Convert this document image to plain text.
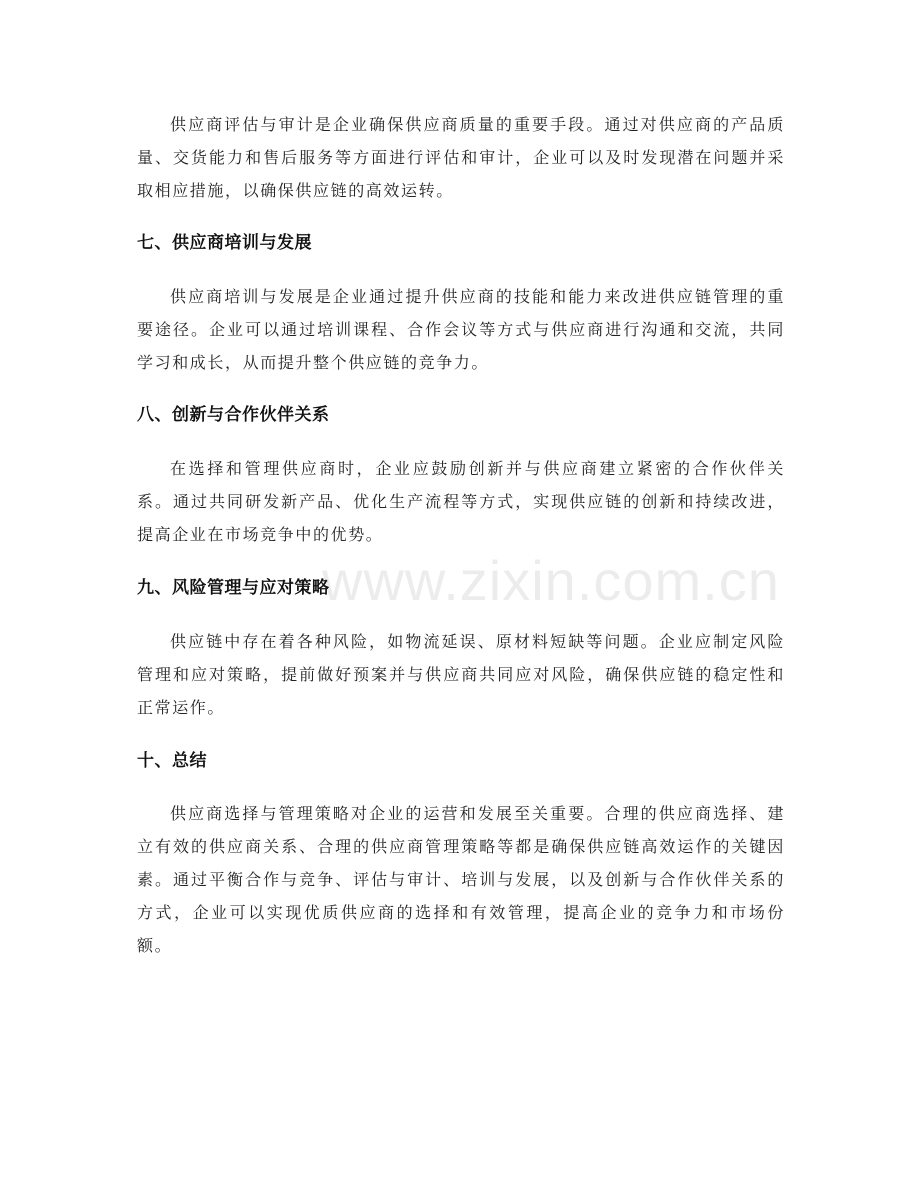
www.zixin.com.cn

供应商评估与审计是企业确保供应商质量的重要手段。通过对供应商的产品质量、交货能力和售后服务等方面进行评估和审计，企业可以及时发现潜在问题并采取相应措施，以确保供应链的高效运转。

七、供应商培训与发展

供应商培训与发展是企业通过提升供应商的技能和能力来改进供应链管理的重要途径。企业可以通过培训课程、合作会议等方式与供应商进行沟通和交流，共同学习和成长，从而提升整个供应链的竞争力。

八、创新与合作伙伴关系

在选择和管理供应商时，企业应鼓励创新并与供应商建立紧密的合作伙伴关系。通过共同研发新产品、优化生产流程等方式，实现供应链的创新和持续改进，提高企业在市场竞争中的优势。

九、风险管理与应对策略

供应链中存在着各种风险，如物流延误、原材料短缺等问题。企业应制定风险管理和应对策略，提前做好预案并与供应商共同应对风险，确保供应链的稳定性和正常运作。

十、总结

供应商选择与管理策略对企业的运营和发展至关重要。合理的供应商选择、建立有效的供应商关系、合理的供应商管理策略等都是确保供应链高效运作的关键因素。通过平衡合作与竞争、评估与审计、培训与发展，以及创新与合作伙伴关系的方式，企业可以实现优质供应商的选择和有效管理，提高企业的竞争力和市场份额。
